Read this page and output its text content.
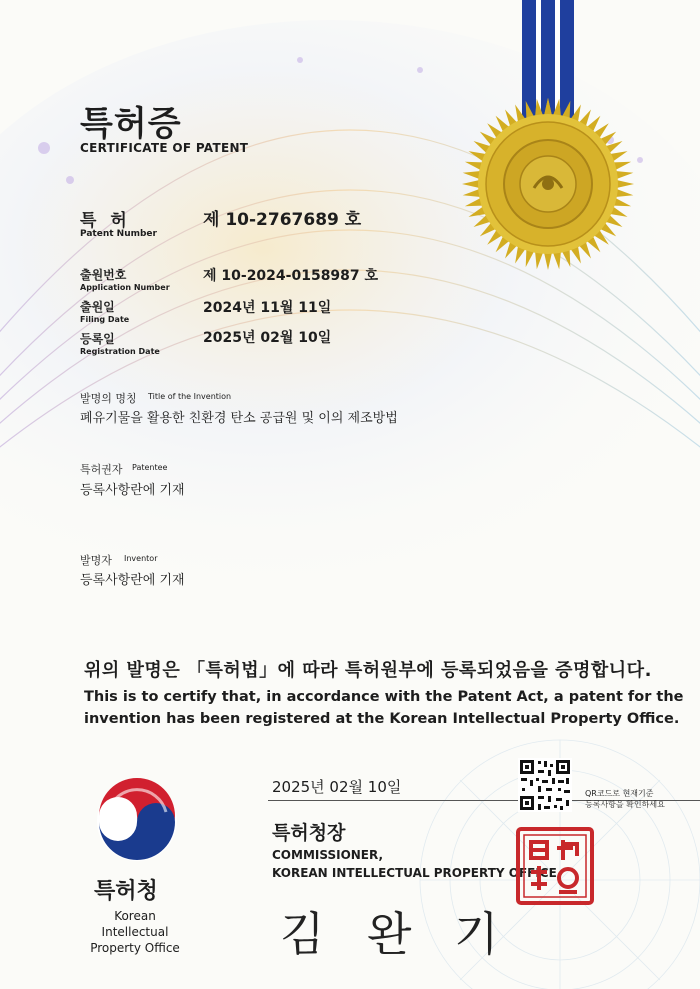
특허증
CERTIFICATE OF PATENT
특 허
Patent Number
제 10-2767689 호
출원번호
Application Number
제 10-2024-0158987 호
출원일
Filing Date
2024년 11월 11일
등록일
Registration Date
2025년 02월 10일
발명의 명칭 Title of the Invention
폐유기물을 활용한 친환경 탄소 공급원 및 이의 제조방법
특허권자 Patentee
등록사항란에 기재
발명자 Inventor
등록사항란에 기재
위의 발명은 「특허법」에 따라 특허원부에 등록되었음을 증명합니다.
This is to certify that, in accordance with the Patent Act, a patent for the
invention has been registered at the Korean Intellectual Property Office.
2025년 02월 10일
특허청장
COMMISSIONER,
KOREAN INTELLECTUAL PROPERTY OFFICE
QR코드로 현재기준
등록사항을 확인하세요
특허청
Korean Intellectual
Property Office 김 완 기
